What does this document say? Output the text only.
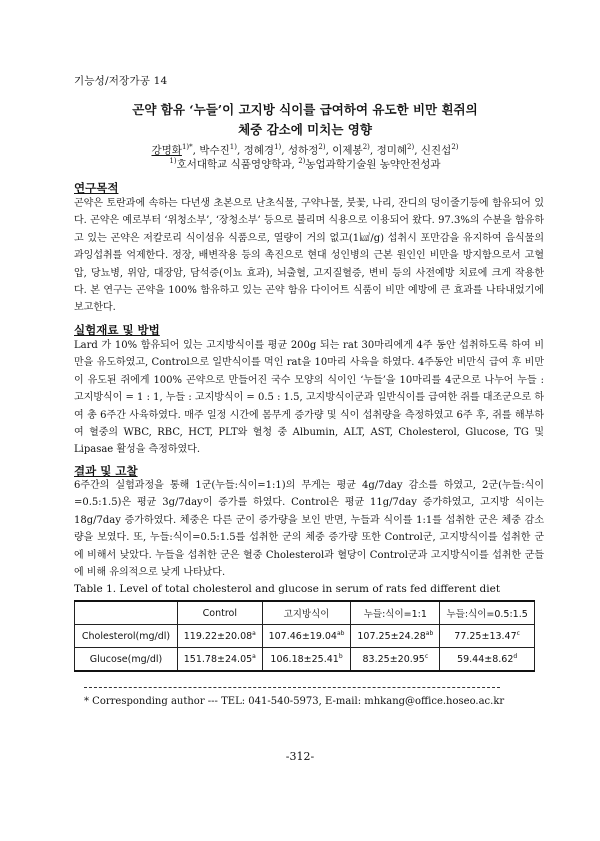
기능성/저장가공 14
곤약 함유 ‘누들’이 고지방 식이를 급여하여 유도한 비만 흰쥐의
체중 감소에 미치는 영향
강명화$^{1)*}$, 박수진$^{1)}$, 정혜경$^{1)}$, 성하정$^{2)}$, 이제봉$^{2)}$, 정미혜$^{2)}$, 신진섭$^{2)}$
$^{1)}$호서대학교 식품영양학과, $^{2)}$농업과학기술원 농약안전성과
연구목적

곤약은 토란과에 속하는 다년생 초본으로 난초식물, 구약나물, 붓꽃, 나리, 잔디의 덩이줄기등에 함유되어 있다. 곤약은 예로부터 ‘위청소부’, ‘장청소부’ 등으로 불리며 식용으로 이용되어 왔다. 97.3%의 수분을 함유하고 있는 곤약은 저칼로리 식이섬유 식품으로, 열량이 거의 없고(1㎉/g) 섭취시 포만감을 유지하여 음식물의 과잉섭취를 억제한다. 정장, 배변작용 등의 촉진으로 현대 성인병의 근본 원인인 비만을 방지함으로서 고혈압, 당뇨병, 위암, 대장암, 담석증(이뇨 효과), 뇌출혈, 고지질혈증, 변비 등의 사전예방 치료에 크게 작용한다. 본 연구는 곤약을 100% 함유하고 있는 곤약 함유 다이어트 식품이 비만 예방에 큰 효과를 나타내었기에 보고한다.

실험재료 및 방법

Lard 가 10% 함유되어 있는 고지방식이를 평균 200g 되는 rat 30마리에게 4주 동안 섭취하도록 하여 비만을 유도하였고, Control으로 일반식이를 먹인 rat을 10마리 사육을 하였다. 4주동안 비만식 급여 후 비만이 유도된 쥐에게 100% 곤약으로 만들어진 국수 모양의 식이인 ‘누들’을 10마리를 4군으로 나누어 누들 : 고지방식이 = 1 : 1, 누들 : 고지방식이 = 0.5 : 1.5, 고지방식이군과 일반식이를 급여한 쥐를 대조군으로 하여 총 6주간 사육하였다. 매주 일정 시간에 몸무게 증가량 및 식이 섭취량을 측정하였고 6주 후, 쥐를 해부하여 혈중의 WBC, RBC, HCT, PLT와 혈청 중 Albumin, ALT, AST, Cholesterol, Glucose, TG 및 Lipasae 활성을 측정하였다.

결과 및 고찰

6주간의 실험과정을 통해 1군(누들:식이=1:1)의 무게는 평균 4g/7day 감소를 하였고, 2군(누들:식이=0.5:1.5)은 평균 3g/7day이 증가를 하였다. Control은 평균 11g/7day 증가하였고, 고지방 식이는 18g/7day 증가하였다. 체중은 다른 군이 증가량을 보인 반면, 누들과 식이를 1:1를 섭취한 군은 체중 감소량을 보였다. 또, 누들:식이=0.5:1.5를 섭취한 군의 체중 증가량 또한 Control군, 고지방식이를 섭취한 군에 비해서 낮았다. 누들을 섭취한 군은 혈중 Cholesterol과 혈당이 Control군과 고지방식이를 섭취한 군들에 비해 유의적으로 낮게 나타났다.

Table 1. Level of total cholesterol and glucose in serum of rats fed different diet
	Control	고지방식이	누들:식이=1:1	누들:식이=0.5:1.5
Cholesterol(mg/dl)	119.22±20.08$^a$	107.46±19.04$^{ab}$	107.25±24.28$^{ab}$	77.25±13.47$^c$
Glucose(mg/dl)	151.78±24.05$^a$	106.18±25.41$^b$	83.25±20.95$^c$	59.44±8.62$^d$
* Corresponding author --- TEL: 041-540-5973, E-mail: mhkang@office.hoseo.ac.kr
-312-
